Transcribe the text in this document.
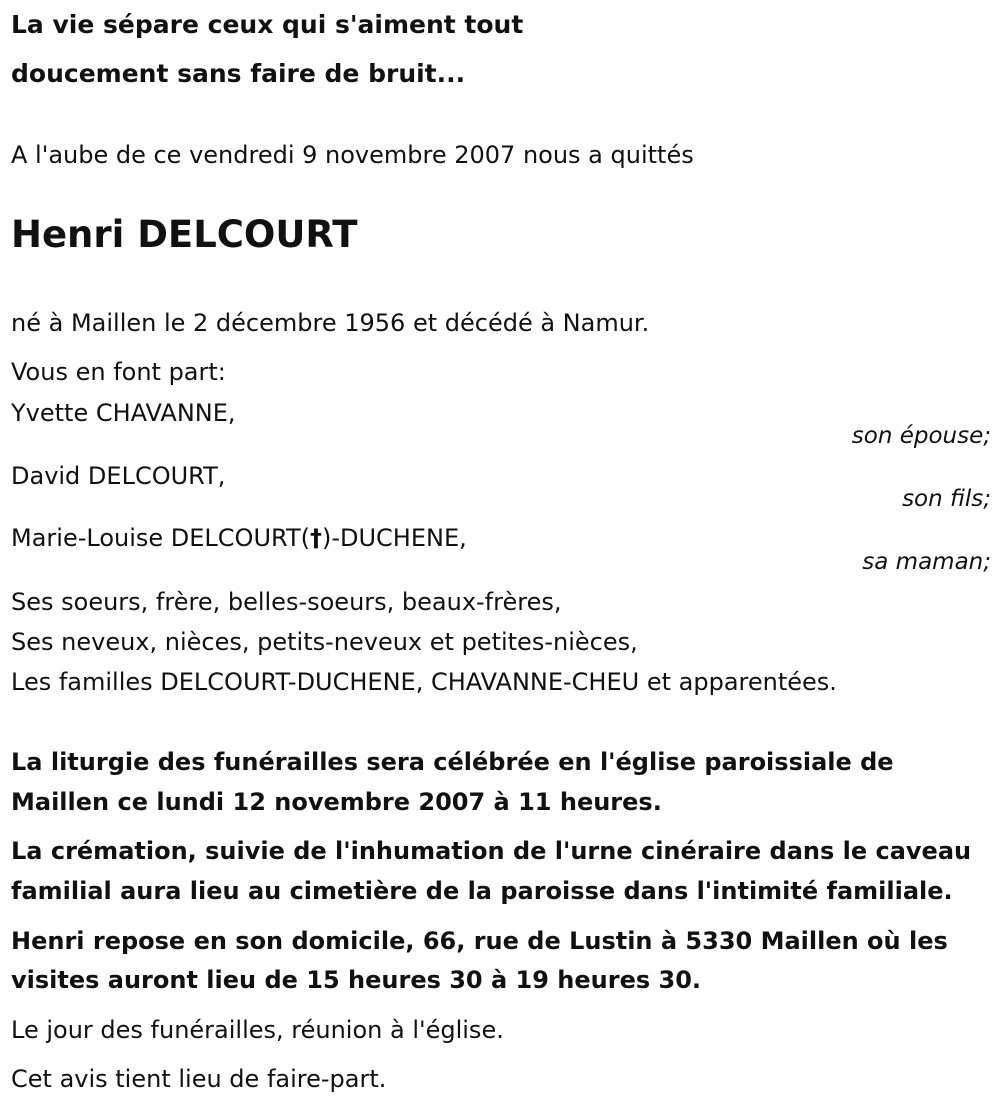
La vie sépare ceux qui s'aiment tout
doucement sans faire de bruit...
A l'aube de ce vendredi 9 novembre 2007 nous a quittés
Henri DELCOURT
né à Maillen le 2 décembre 1956 et décédé à Namur.
Vous en font part:
Yvette CHAVANNE,
son épouse;
David DELCOURT,
son fils;
Marie-Louise DELCOURT(†)-DUCHENE,
sa maman;
Ses soeurs, frère, belles-soeurs, beaux-frères,
Ses neveux, nièces, petits-neveux et petites-nièces,
Les familles DELCOURT-DUCHENE, CHAVANNE-CHEU et apparentées.
La liturgie des funérailles sera célébrée en l'église paroissiale de
Maillen ce lundi 12 novembre 2007 à 11 heures.
La crémation, suivie de l'inhumation de l'urne cinéraire dans le caveau
familial aura lieu au cimetière de la paroisse dans l'intimité familiale.
Henri repose en son domicile, 66, rue de Lustin à 5330 Maillen où les
visites auront lieu de 15 heures 30 à 19 heures 30.
Le jour des funérailles, réunion à l'église.
Cet avis tient lieu de faire-part.
